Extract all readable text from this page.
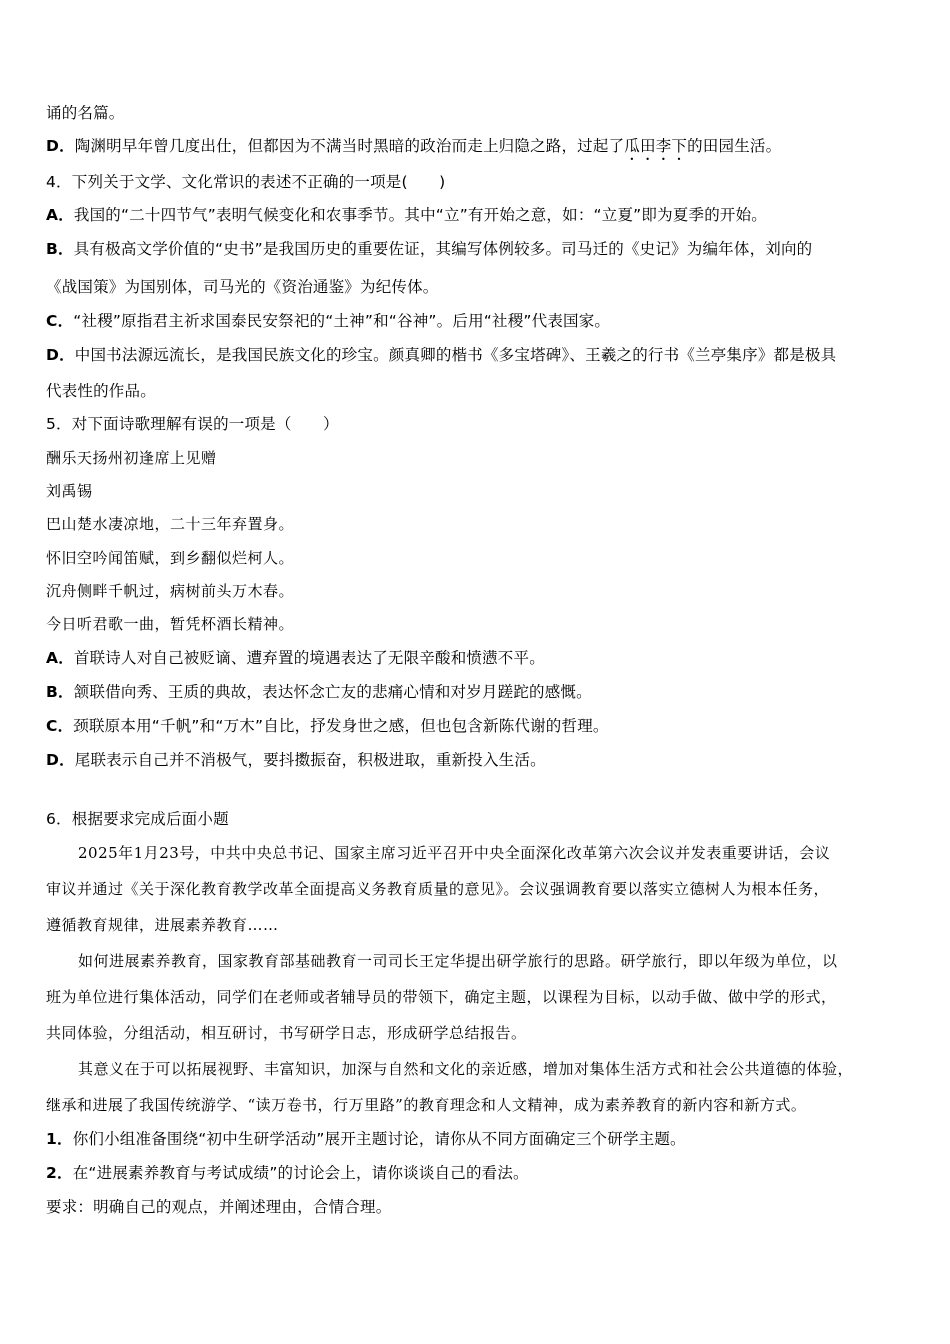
诵的名篇。
D．陶渊明早年曾几度出仕，但都因为不满当时黑暗的政治而走上归隐之路，过起了瓜田李下的田园生活。
4．下列关于文学、文化常识的表述不正确的一项是(　　)
A．我国的“二十四节气”表明气候变化和农事季节。其中“立”有开始之意，如：“立夏”即为夏季的开始。
B．具有极高文学价值的“史书”是我国历史的重要佐证，其编写体例较多。司马迁的《史记》为编年体，刘向的
《战国策》为国别体，司马光的《资治通鉴》为纪传体。
C．“社稷”原指君主祈求国泰民安祭祀的“土神”和“谷神”。后用“社稷”代表国家。
D．中国书法源远流长，是我国民族文化的珍宝。颜真卿的楷书《多宝塔碑》、王羲之的行书《兰亭集序》都是极具
代表性的作品。
5．对下面诗歌理解有误的一项是（　　）
酬乐天扬州初逢席上见赠
刘禹锡
巴山楚水凄凉地，二十三年弃置身。
怀旧空吟闻笛赋，到乡翻似烂柯人。
沉舟侧畔千帆过，病树前头万木春。
今日听君歌一曲，暂凭杯酒长精神。
A．首联诗人对自己被贬谪、遭弃置的境遇表达了无限辛酸和愤懑不平。
B．颔联借向秀、王质的典故，表达怀念亡友的悲痛心情和对岁月蹉跎的感慨。
C．颈联原本用“千帆”和“万木”自比，抒发身世之感，但也包含新陈代谢的哲理。
D．尾联表示自己并不消极气，要抖擞振奋，积极进取，重新投入生活。
6．根据要求完成后面小题
2025年1月23号，中共中央总书记、国家主席习近平召开中央全面深化改革第六次会议并发表重要讲话，会议
审议并通过《关于深化教育教学改革全面提高义务教育质量的意见》。会议强调教育要以落实立德树人为根本任务，
遵循教育规律，进展素养教育……
如何进展素养教育，国家教育部基础教育一司司长王定华提出研学旅行的思路。研学旅行，即以年级为单位，以
班为单位进行集体活动，同学们在老师或者辅导员的带领下，确定主题，以课程为目标，以动手做、做中学的形式，
共同体验，分组活动，相互研讨，书写研学日志，形成研学总结报告。
其意义在于可以拓展视野、丰富知识，加深与自然和文化的亲近感，增加对集体生活方式和社会公共道德的体验，
继承和进展了我国传统游学、“读万卷书，行万里路”的教育理念和人文精神，成为素养教育的新内容和新方式。
1．你们小组准备围绕“初中生研学活动”展开主题讨论，请你从不同方面确定三个研学主题。
2．在“进展素养教育与考试成绩”的讨论会上，请你谈谈自己的看法。
要求：明确自己的观点，并阐述理由，合情合理。
